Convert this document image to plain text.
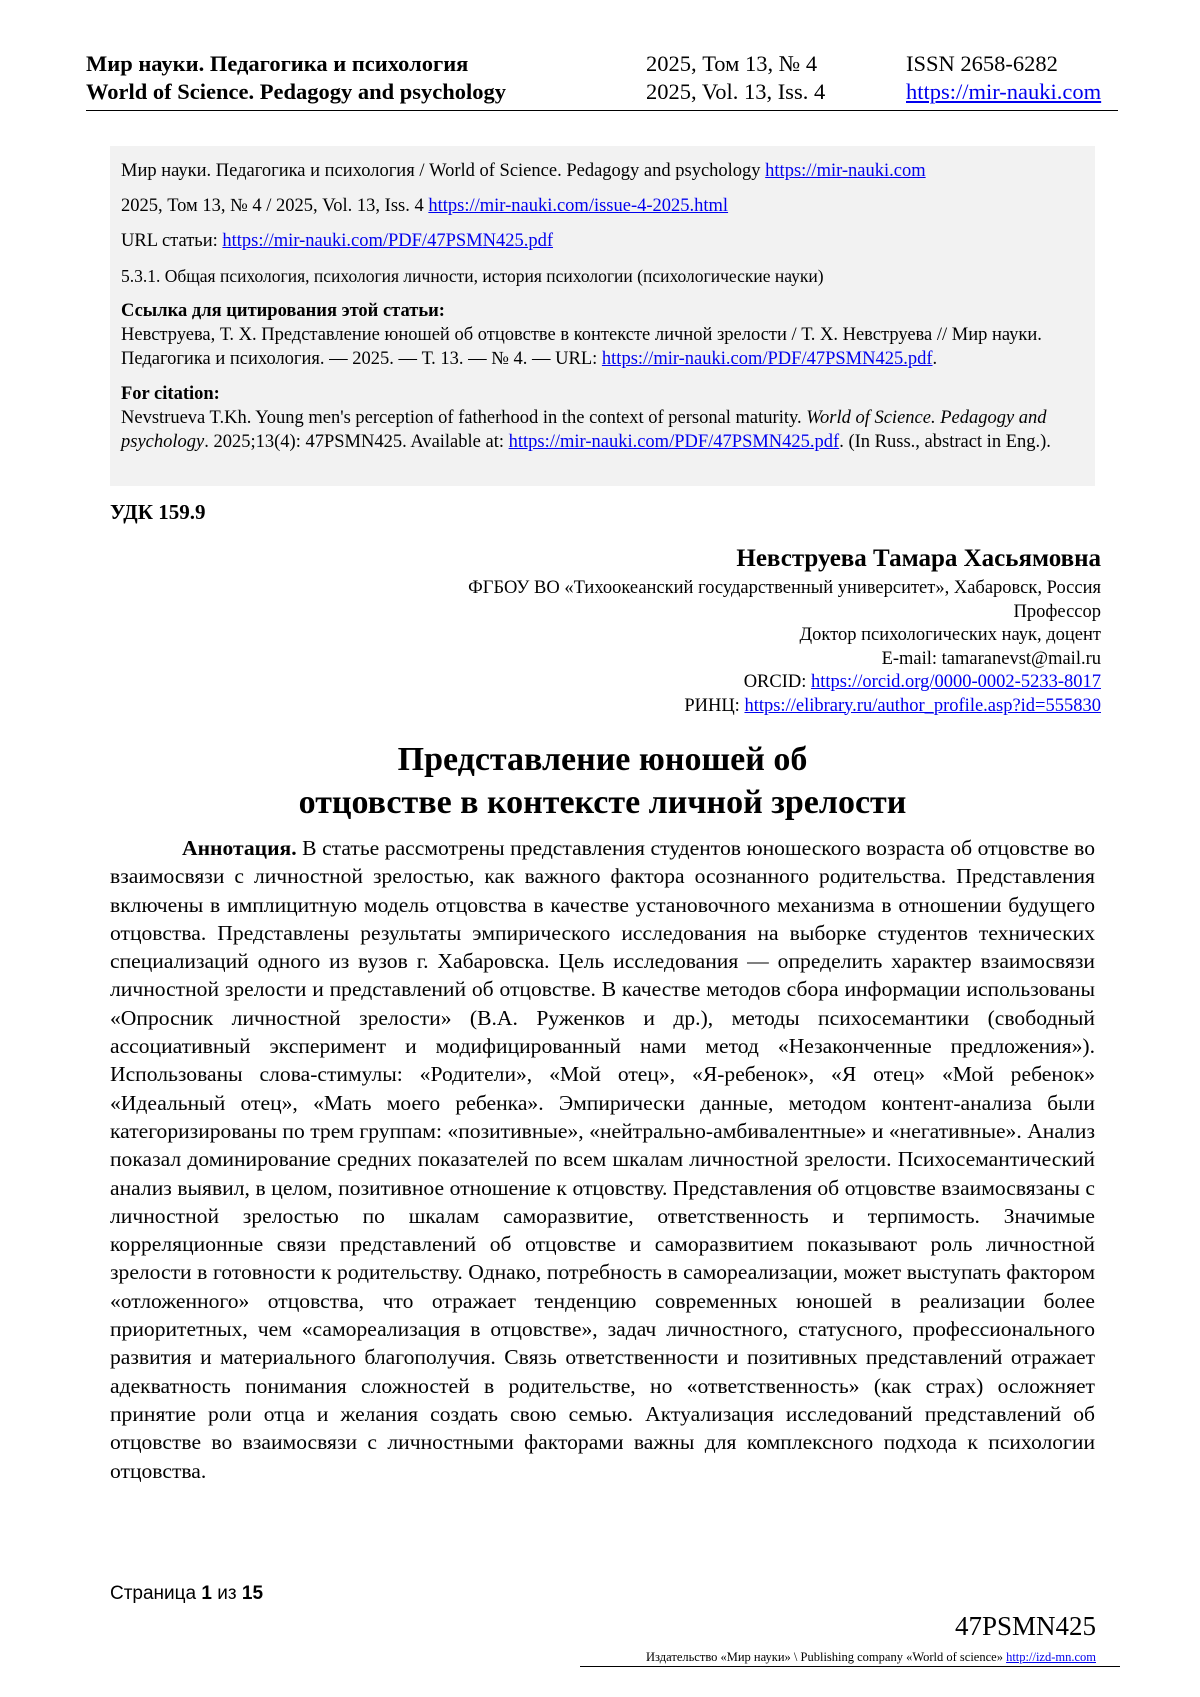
Мир науки. Педагогика и психология
World of Science. Pedagogy and psychology
2025, Том 13, № 4
2025, Vol. 13, Iss. 4
ISSN 2658-6282
https://mir-nauki.com
Мир науки. Педагогика и психология / World of Science. Pedagogy and psychology https://mir-nauki.com
2025, Том 13, № 4 / 2025, Vol. 13, Iss. 4 https://mir-nauki.com/issue-4-2025.html
URL статьи: https://mir-nauki.com/PDF/47PSMN425.pdf
5.3.1. Общая психология, психология личности, история психологии (психологические науки)
Ссылка для цитирования этой статьи:
Невструева, Т. Х. Представление юношей об отцовстве в контексте личной зрелости / Т. Х. Невструева // Мир науки. Педагогика и психология. — 2025. — Т. 13. — № 4. — URL: https://mir-nauki.com/PDF/47PSMN425.pdf.
For citation:
Nevstrueva T.Kh. Young men's perception of fatherhood in the context of personal maturity. World of Science. Pedagogy and psychology. 2025;13(4): 47PSMN425. Available at: https://mir-nauki.com/PDF/47PSMN425.pdf. (In Russ., abstract in Eng.).
УДК 159.9
Невструева Тамара Хасьямовна
ФГБОУ ВО «Тихоокеанский государственный университет», Хабаровск, Россия
Профессор
Доктор психологических наук, доцент
E-mail: tamaranevst@mail.ru
ORCID: https://orcid.org/0000-0002-5233-8017
РИНЦ: https://elibrary.ru/author_profile.asp?id=555830
Представление юношей об
отцовстве в контексте личной зрелости

Аннотация. В статье рассмотрены представления студентов юношеского возраста об отцовстве во взаимосвязи с личностной зрелостью, как важного фактора осознанного родительства. Представления включены в имплицитную модель отцовства в качестве установочного механизма в отношении будущего отцовства. Представлены результаты эмпирического исследования на выборке студентов технических специализаций одного из вузов г. Хабаровска. Цель исследования — определить характер взаимосвязи личностной зрелости и представлений об отцовстве. В качестве методов сбора информации использованы «Опросник личностной зрелости» (В.А. Руженков и др.), методы психосемантики (свободный ассоциативный эксперимент и модифицированный нами метод «Незаконченные предложения»). Использованы слова-стимулы: «Родители», «Мой отец», «Я-ребенок», «Я отец» «Мой ребенок» «Идеальный отец», «Мать моего ребенка». Эмпирически данные, методом контент-анализа были категоризированы по трем группам: «позитивные», «нейтрально-амбивалентные» и «негативные». Анализ показал доминирование средних показателей по всем шкалам личностной зрелости. Психосемантический анализ выявил, в целом, позитивное отношение к отцовству. Представления об отцовстве взаимосвязаны с личностной зрелостью по шкалам саморазвитие, ответственность и терпимость. Значимые корреляционные связи представлений об отцовстве и саморазвитием показывают роль личностной зрелости в готовности к родительству. Однако, потребность в самореализации, может выступать фактором «отложенного» отцовства, что отражает тенденцию современных юношей в реализации более приоритетных, чем «самореализация в отцовстве», задач личностного, статусного, профессионального развития и материального благополучия. Связь ответственности и позитивных представлений отражает адекватность понимания сложностей в родительстве, но «ответственность» (как страх) осложняет принятие роли отца и желания создать свою семью. Актуализация исследований представлений об отцовстве во взаимосвязи с личностными факторами важны для комплексного подхода к психологии отцовства.

Страница 1 из 15
47PSMN425
Издательство «Мир науки» \ Publishing company «World of science» http://izd-mn.com
